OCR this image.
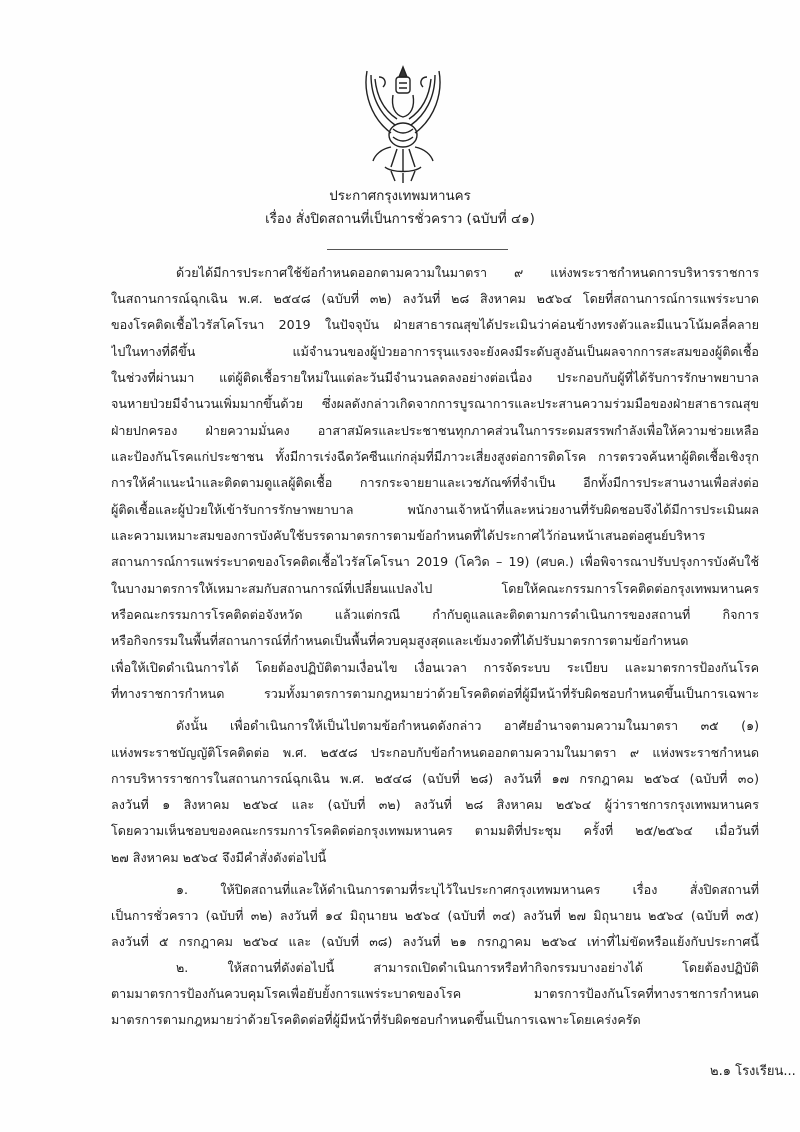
ประกาศกรุงเทพมหานคร
เรื่อง สั่งปิดสถานที่เป็นการชั่วคราว (ฉบับที่ ๔๑)
ด้วยได้มีการประกาศใช้ข้อกำหนดออกตามความในมาตรา ๙ แห่งพระราชกำหนดการบริหารราชการ
ในสถานการณ์ฉุกเฉิน พ.ศ. ๒๕๔๘ (ฉบับที่ ๓๒) ลงวันที่ ๒๘ สิงหาคม ๒๕๖๔ โดยที่สถานการณ์การแพร่ระบาด
ของโรคติดเชื้อไวรัสโคโรนา 2019 ในปัจจุบัน ฝ่ายสาธารณสุขได้ประเมินว่าค่อนข้างทรงตัวและมีแนวโน้มคลี่คลาย
ไปในทางที่ดีขึ้น แม้จำนวนของผู้ป่วยอาการรุนแรงจะยังคงมีระดับสูงอันเป็นผลจากการสะสมของผู้ติดเชื้อ
ในช่วงที่ผ่านมา แต่ผู้ติดเชื้อรายใหม่ในแต่ละวันมีจำนวนลดลงอย่างต่อเนื่อง ประกอบกับผู้ที่ได้รับการรักษาพยาบาล
จนหายป่วยมีจำนวนเพิ่มมากขึ้นด้วย ซึ่งผลดังกล่าวเกิดจากการบูรณาการและประสานความร่วมมือของฝ่ายสาธารณสุข
ฝ่ายปกครอง ฝ่ายความมั่นคง อาสาสมัครและประชาชนทุกภาคส่วนในการระดมสรรพกำลังเพื่อให้ความช่วยเหลือ
และป้องกันโรคแก่ประชาชน ทั้งมีการเร่งฉีดวัคซีนแก่กลุ่มที่มีภาวะเสี่ยงสูงต่อการติดโรค การตรวจค้นหาผู้ติดเชื้อเชิงรุก
การให้คำแนะนำและติดตามดูแลผู้ติดเชื้อ การกระจายยาและเวชภัณฑ์ที่จำเป็น อีกทั้งมีการประสานงานเพื่อส่งต่อ
ผู้ติดเชื้อและผู้ป่วยให้เข้ารับการรักษาพยาบาล พนักงานเจ้าหน้าที่และหน่วยงานที่รับผิดชอบจึงได้มีการประเมินผล
และความเหมาะสมของการบังคับใช้บรรดามาตรการตามข้อกำหนดที่ได้ประกาศไว้ก่อนหน้าเสนอต่อศูนย์บริหาร
สถานการณ์การแพร่ระบาดของโรคติดเชื้อไวรัสโคโรนา 2019 (โควิด – 19) (ศบค.) เพื่อพิจารณาปรับปรุงการบังคับใช้
ในบางมาตรการให้เหมาะสมกับสถานการณ์ที่เปลี่ยนแปลงไป โดยให้คณะกรรมการโรคติดต่อกรุงเทพมหานคร
หรือคณะกรรมการโรคติดต่อจังหวัด แล้วแต่กรณี กำกับดูแลและติดตามการดำเนินการของสถานที่ กิจการ
หรือกิจกรรมในพื้นที่สถานการณ์ที่กำหนดเป็นพื้นที่ควบคุมสูงสุดและเข้มงวดที่ได้ปรับมาตรการตามข้อกำหนด
เพื่อให้เปิดดำเนินการได้ โดยต้องปฏิบัติตามเงื่อนไข เงื่อนเวลา การจัดระบบ ระเบียบ และมาตรการป้องกันโรค
ที่ทางราชการกำหนด รวมทั้งมาตรการตามกฎหมายว่าด้วยโรคติดต่อที่ผู้มีหน้าที่รับผิดชอบกำหนดขึ้นเป็นการเฉพาะ
ดังนั้น เพื่อดำเนินการให้เป็นไปตามข้อกำหนดดังกล่าว อาศัยอำนาจตามความในมาตรา ๓๕ (๑)
แห่งพระราชบัญญัติโรคติดต่อ พ.ศ. ๒๕๕๘ ประกอบกับข้อกำหนดออกตามความในมาตรา ๙ แห่งพระราชกำหนด
การบริหารราชการในสถานการณ์ฉุกเฉิน พ.ศ. ๒๕๔๘ (ฉบับที่ ๒๘) ลงวันที่ ๑๗ กรกฎาคม ๒๕๖๔ (ฉบับที่ ๓๐)
ลงวันที่ ๑ สิงหาคม ๒๕๖๔ และ (ฉบับที่ ๓๒) ลงวันที่ ๒๘ สิงหาคม ๒๕๖๔ ผู้ว่าราชการกรุงเทพมหานคร
โดยความเห็นชอบของคณะกรรมการโรคติดต่อกรุงเทพมหานคร ตามมติที่ประชุม ครั้งที่ ๒๕/๒๕๖๔ เมื่อวันที่
๒๗ สิงหาคม ๒๕๖๔ จึงมีคำสั่งดังต่อไปนี้
๑. ให้ปิดสถานที่และให้ดำเนินการตามที่ระบุไว้ในประกาศกรุงเทพมหานคร เรื่อง สั่งปิดสถานที่
เป็นการชั่วคราว (ฉบับที่ ๓๒) ลงวันที่ ๑๔ มิถุนายน ๒๕๖๔ (ฉบับที่ ๓๔) ลงวันที่ ๒๗ มิถุนายน ๒๕๖๔ (ฉบับที่ ๓๕)
ลงวันที่ ๕ กรกฎาคม ๒๕๖๔ และ (ฉบับที่ ๓๘) ลงวันที่ ๒๑ กรกฎาคม ๒๕๖๔ เท่าที่ไม่ขัดหรือแย้งกับประกาศนี้
๒. ให้สถานที่ดังต่อไปนี้ สามารถเปิดดำเนินการหรือทำกิจกรรมบางอย่างได้ โดยต้องปฏิบัติ
ตามมาตรการป้องกันควบคุมโรคเพื่อยับยั้งการแพร่ระบาดของโรค มาตรการป้องกันโรคที่ทางราชการกำหนด
มาตรการตามกฎหมายว่าด้วยโรคติดต่อที่ผู้มีหน้าที่รับผิดชอบกำหนดขึ้นเป็นการเฉพาะโดยเคร่งครัด
๒.๑ โรงเรียน...
